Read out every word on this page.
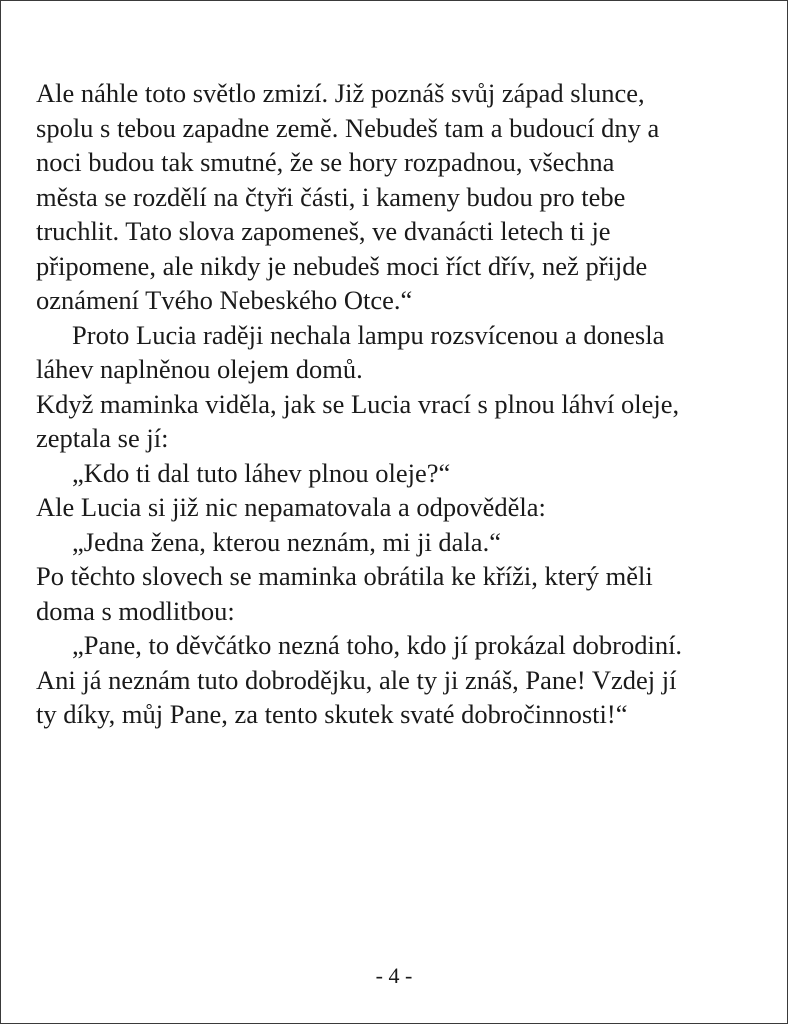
Ale náhle toto světlo zmizí. Již poznáš svůj západ slunce,
spolu s tebou zapadne země. Nebudeš tam a budoucí dny a
noci budou tak smutné, že se hory rozpadnou, všechna
města se rozdělí na čtyři části, i kameny budou pro tebe
truchlit. Tato slova zapomeneš, ve dvanácti letech ti je
připomene, ale nikdy je nebudeš moci říct dřív, než přijde
oznámení Tvého Nebeského Otce.“
Proto Lucia raději nechala lampu rozsvícenou a donesla
láhev naplněnou olejem domů.
Když maminka viděla, jak se Lucia vrací s plnou láhví oleje,
zeptala se jí:
„Kdo ti dal tuto láhev plnou oleje?“
Ale Lucia si již nic nepamatovala a odpověděla:
„Jedna žena, kterou neznám, mi ji dala.“
Po těchto slovech se maminka obrátila ke kříži, který měli
doma s modlitbou:
„Pane, to děvčátko nezná toho, kdo jí prokázal dobrodiní.
Ani já neznám tuto dobrodějku, ale ty ji znáš, Pane! Vzdej jí
ty díky, můj Pane, za tento skutek svaté dobročinnosti!“
- 4 -
